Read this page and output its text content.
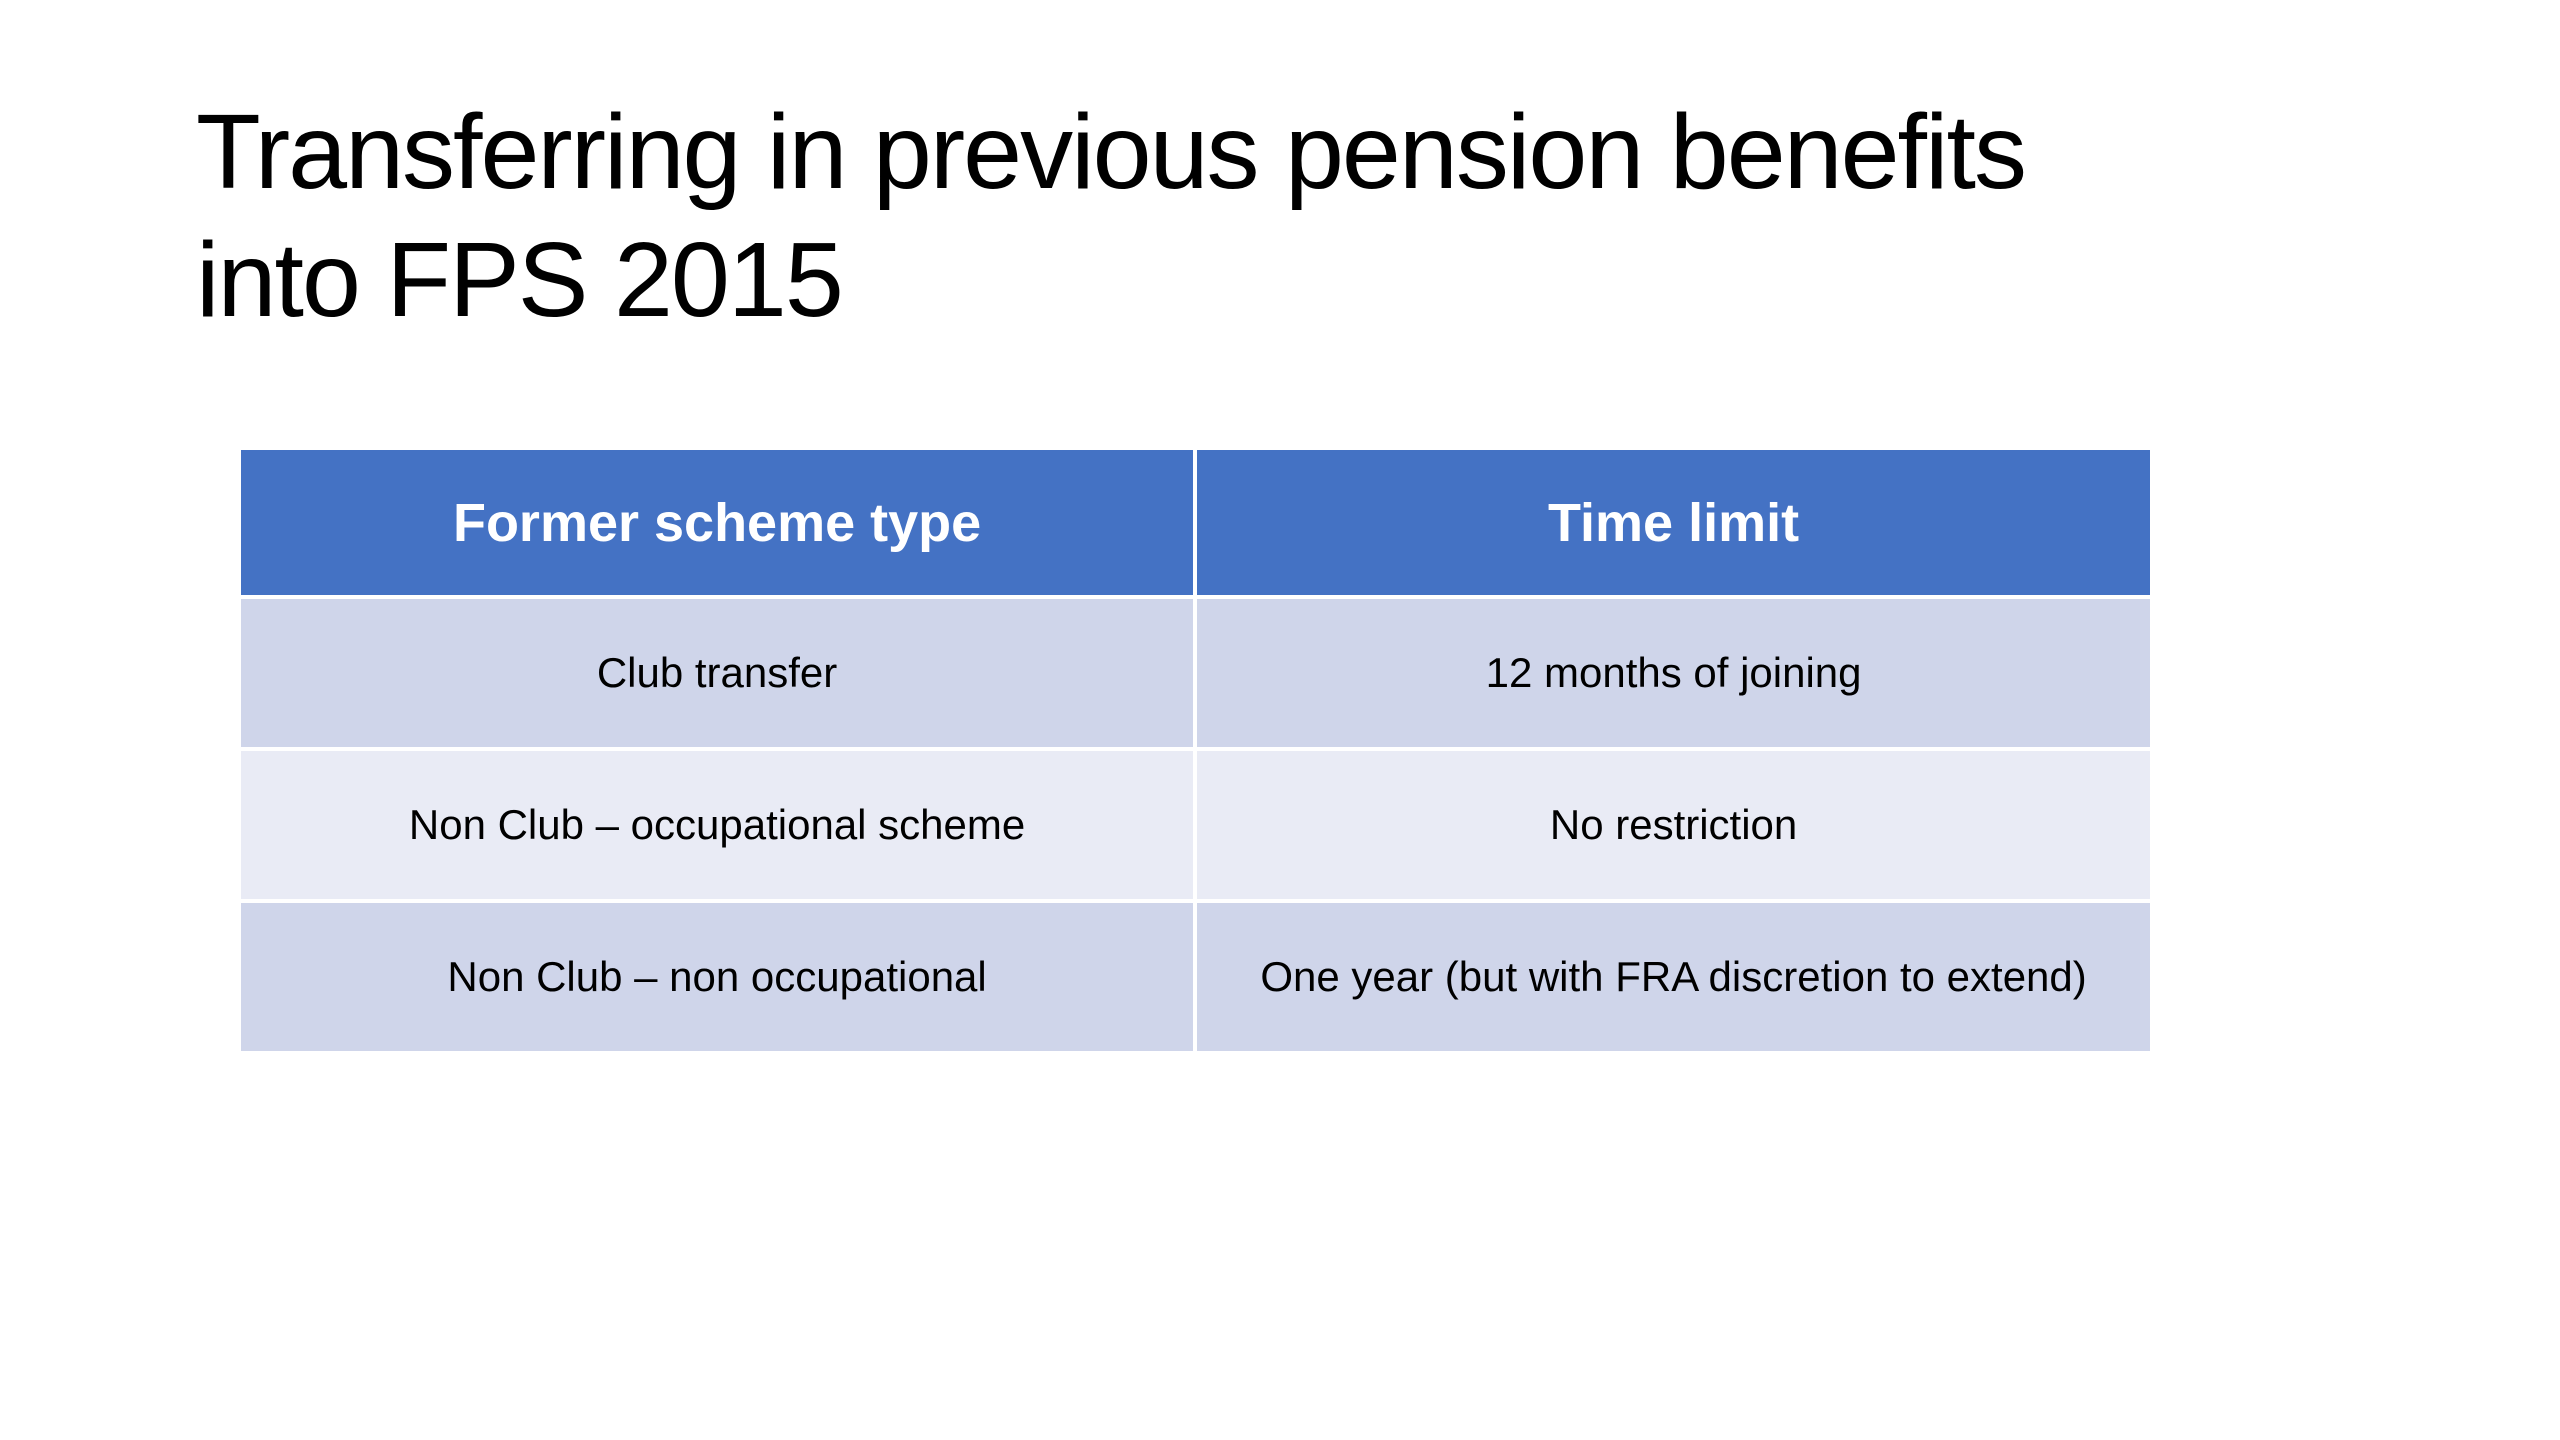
Transferring in previous pension benefits
into FPS 2015
Former scheme type	Time limit
Club transfer	12 months of joining
Non Club – occupational scheme	No restriction
Non Club – non occupational	One year (but with FRA discretion to extend)
